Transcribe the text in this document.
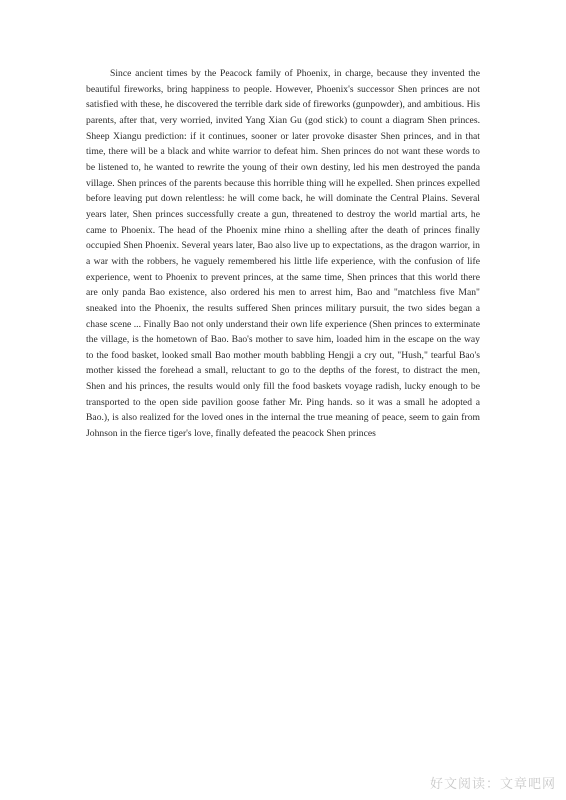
Since ancient times by the Peacock family of Phoenix, in charge, because they invented the beautiful fireworks, bring happiness to people. However, Phoenix's successor Shen princes are not satisfied with these, he discovered the terrible dark side of fireworks (gunpowder), and ambitious. His parents, after that, very worried, invited Yang Xian Gu (god stick) to count a diagram Shen princes. Sheep Xiangu prediction: if it continues, sooner or later provoke disaster Shen princes, and in that time, there will be a black and white warrior to defeat him. Shen princes do not want these words to be listened to, he wanted to rewrite the young of their own destiny, led his men destroyed the panda village. Shen princes of the parents because this horrible thing will he expelled. Shen princes expelled before leaving put down relentless: he will come back, he will dominate the Central Plains. Several years later, Shen princes successfully create a gun, threatened to destroy the world martial arts, he came to Phoenix. The head of the Phoenix mine rhino a shelling after the death of princes finally occupied Shen Phoenix. Several years later, Bao also live up to expectations, as the dragon warrior, in a war with the robbers, he vaguely remembered his little life experience, with the confusion of life experience, went to Phoenix to prevent princes, at the same time, Shen princes that this world there are only panda Bao existence, also ordered his men to arrest him, Bao and "matchless five Man" sneaked into the Phoenix, the results suffered Shen princes military pursuit, the two sides began a chase scene ... Finally Bao not only understand their own life experience (Shen princes to exterminate the village, is the hometown of Bao. Bao's mother to save him, loaded him in the escape on the way to the food basket, looked small Bao mother mouth babbling Hengji a cry out, "Hush," tearful Bao's mother kissed the forehead a small, reluctant to go to the depths of the forest, to distract the men, Shen and his princes, the results would only fill the food baskets voyage radish, lucky enough to be transported to the open side pavilion goose father Mr. Ping hands. so it was a small he adopted a Bao.), is also realized for the loved ones in the internal the true meaning of peace, seem to gain from Johnson in the fierce tiger's love, finally defeated the peacock Shen princes

好文阅读：文章吧网
